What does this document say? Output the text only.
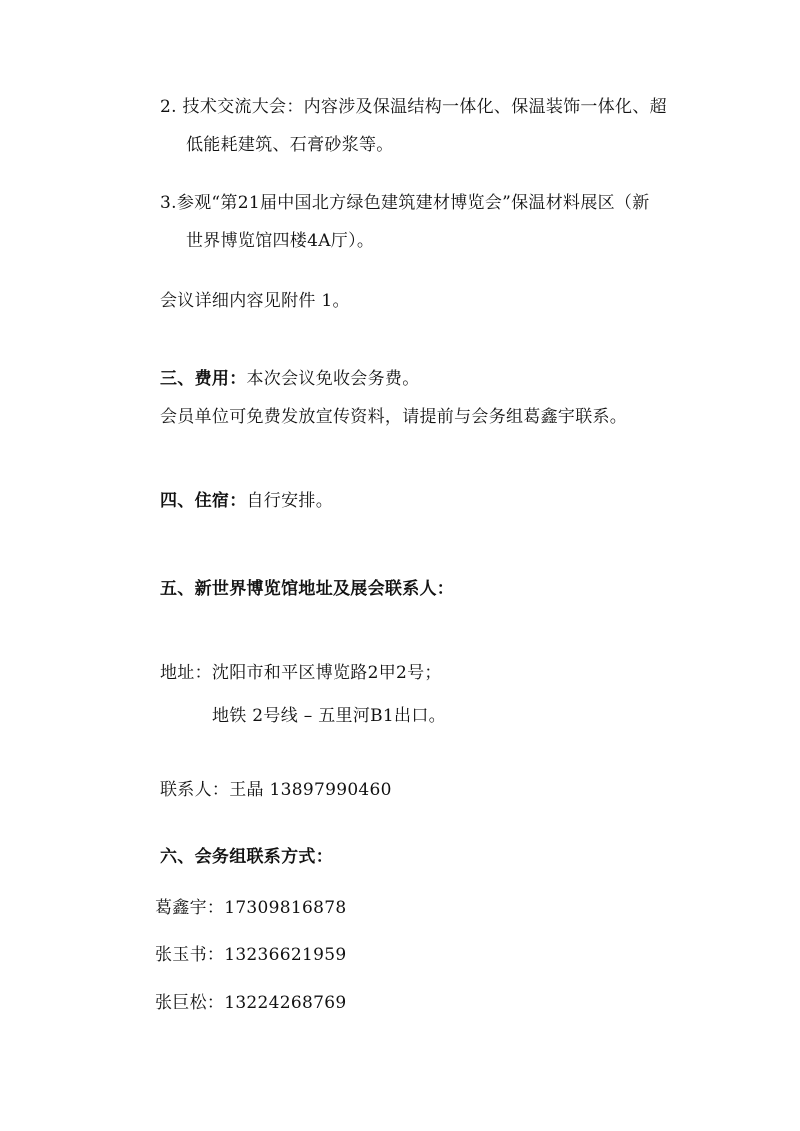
2. 技术交流大会：内容涉及保温结构一体化、保温装饰一体化、超
低能耗建筑、石膏砂浆等。
3.参观“第21届中国北方绿色建筑建材博览会”保温材料展区（新
世界博览馆四楼4A厅）。
会议详细内容见附件 1。
三、费用：本次会议免收会务费。
会员单位可免费发放宣传资料，请提前与会务组葛鑫宇联系。
四、住宿：自行安排。
五、新世界博览馆地址及展会联系人：
地址：沈阳市和平区博览路2甲2号；
地铁 2号线 – 五里河B1出口。
联系人：王晶 13897990460
六、会务组联系方式：
葛鑫宇：17309816878
张玉书：13236621959
张巨松：13224268769
